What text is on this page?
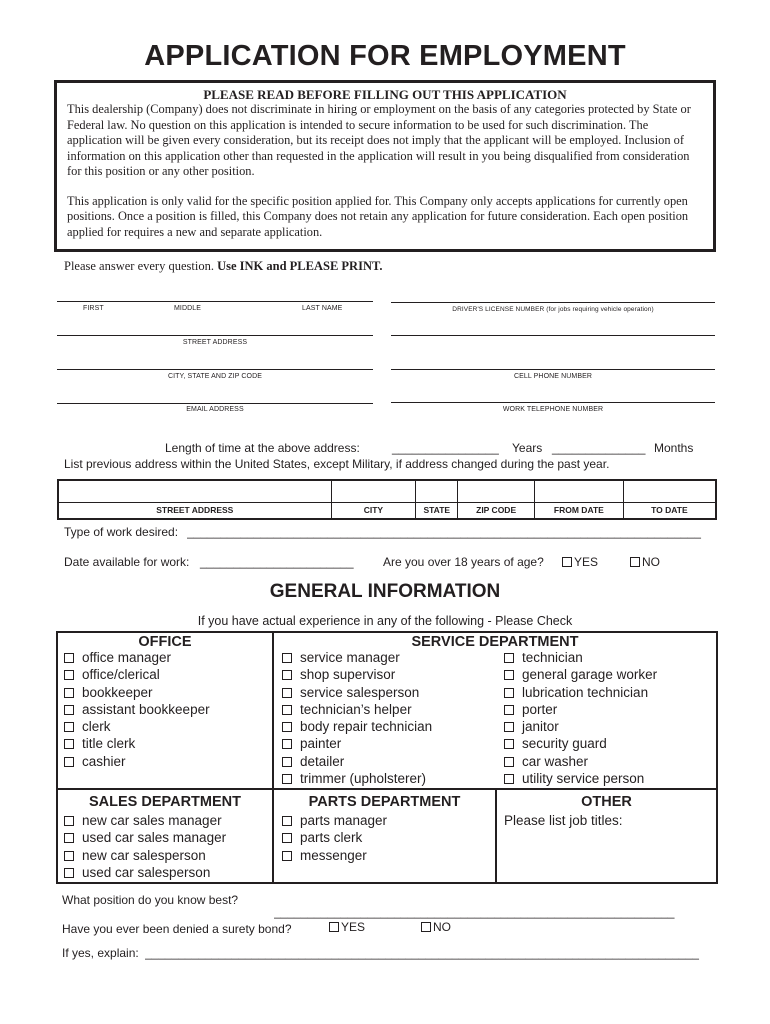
APPLICATION FOR EMPLOYMENT
PLEASE READ BEFORE FILLING OUT THIS APPLICATION

This dealership (Company) does not discriminate in hiring or employment on the basis of any categories protected by State or Federal law. No question on this application is intended to secure information to be used for such discrimination. The application will be given every consideration, but its receipt does not imply that the applicant will be employed. Inclusion of information on this application other than requested in the application will result in you being disqualified from consideration for this position or any other position.

This application is only valid for the specific position applied for. This Company only accepts applications for currently open positions. Once a position is filled, this Company does not retain any application for future consideration. Each open position applied for requires a new and separate application.

Please answer every question. Use INK and PLEASE PRINT.
FIRST	MIDDLE	LAST NAME
STREET ADDRESS
CITY, STATE AND ZIP CODE
EMAIL ADDRESS
DRIVER'S LICENSE NUMBER (for jobs requiring vehicle operation)
CELL PHONE NUMBER
WORK TELEPHONE NUMBER
Length of time at the above address:	________________ Years ______________ Months
List previous address within the United States, except Military, if address changed during the past year.

STREET ADDRESS	CITY	STATE	ZIP CODE	FROM DATE	TO DATE
Type of work desired: _____________________________________________________________________________
Date available for work: _______________________ Are you over 18 years of age?	YES	NO
GENERAL INFORMATION
If you have actual experience in any of the following - Please Check
OFFICE
office manager
office/clerical
bookkeeper
assistant bookkeeper
clerk
title clerk
cashier
SERVICE DEPARTMENT
service manager
shop supervisor
service salesperson
technician’s helper
body repair technician
painter
detailer
trimmer (upholsterer)
technician
general garage worker
lubrication technician
porter
janitor
security guard
car washer
utility service person
SALES DEPARTMENT
new car sales manager
used car sales manager
new car salesperson
used car salesperson
PARTS DEPARTMENT
parts manager
parts clerk
messenger
OTHER
Please list job titles:
What position do you know best?
____________________________________________________________
Have you ever been denied a surety bond?	YES	NO
If yes, explain: ___________________________________________________________________________________
